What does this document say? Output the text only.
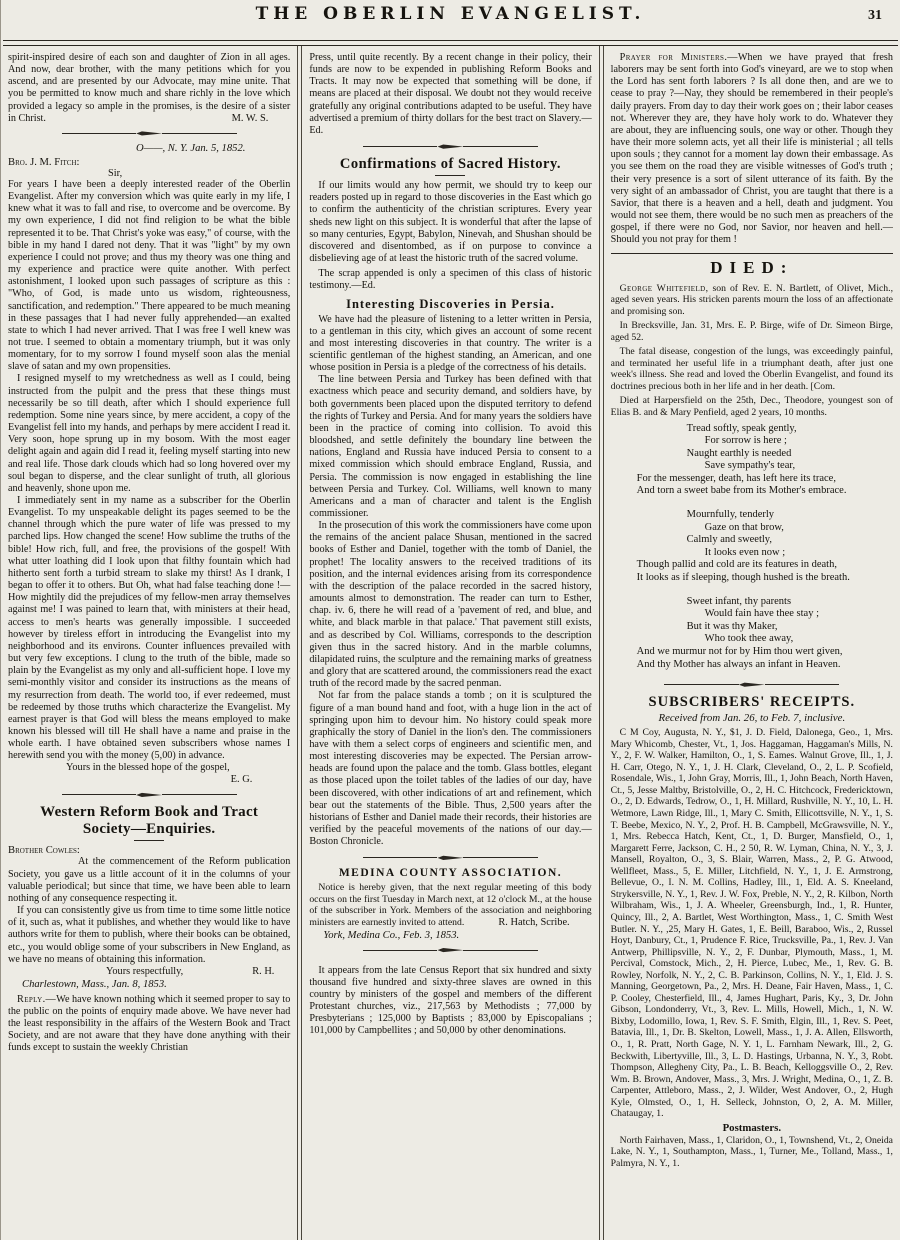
THE OBERLIN EVANGELIST.	31

spirit-inspired desire of each son and daughter of Zion in all ages. And now, dear brother, with the many petitions which for you ascend, and are presented by our Advocate, may mine unite. That you be permitted to know much and share richly in the love which provided a legacy so ample in the promises, is the desire of a sister in Christ.	M. W. S.
O——, N. Y. Jan. 5, 1852.
Bro. J. M. Fitch:
Sir,

For years I have been a deeply interested reader of the Oberlin Evangelist. After my conversion which was quite early in my life, I knew what it was to fall and rise, to overcome and be overcome. By my own experience, I did not find religion to be what the bible represented it to be. That Christ's yoke was easy," of course, with the bible in my hand I dared not deny. That it was "light" by my own experience I could not prove; and thus my theory was one thing and my experience and practice were quite another. With perfect astonishment, I looked upon such passages of scripture as this : "Who, of God, is made unto us wisdom, righteousness, sanctification, and redemption." There appeared to be much meaning in these passages that I had never fully apprehended—an exalted state to which I had never arrived. That I was free I well knew was not true. I seemed to obtain a momentary triumph, but it was only momentary, for to my sorrow I found myself soon alas the menial slave of satan and my own propensities.

I resigned myself to my wretchedness as well as I could, being instructed from the pulpit and the press that these things must necessarily be so till death, after which I should experience full redemption. Some nine years since, by mere accident, a copy of the Evangelist fell into my hands, and perhaps by mere accident I read it. Very soon, hope sprung up in my bosom. With the most eager delight again and again did I read it, feeling myself starting into new and real life. Those dark clouds which had so long hovered over my soul began to disperse, and the clear sunlight of truth, all glorious and heavenly, shone upon me.

I immediately sent in my name as a subscriber for the Oberlin Evangelist. To my unspeakable delight its pages seemed to be the channel through which the pure water of life was pressed to my parched lips. How changed the scene! How sublime the truths of the bible! How rich, full, and free, the provisions of the gospel! With what utter loathing did I look upon that filthy fountain which had hitherto sent forth a turbid stream to slake my thirst! As I drank, I began to offer it to others. But Oh, what had false teaching done !— How mightily did the prejudices of my fellow-men array themselves against me! I was pained to learn that, with ministers at their head, access to men's hearts was generally impossible. I succeeded however by tireless effort in introducing the Evangelist into my neighborhood and its environs. Counter influences prevailed with but very few exceptions. I clung to the truth of the bible, made so plain by the Evangelist as my only and all-sufficient hope. I love my semi-monthly visitor and consider its instructions as the means of my resurrection from death. The world too, if ever redeemed, must be redeemed by those truths which characterize the Evangelist. My earnest prayer is that God will bless the means employed to make known his blessed will till He shall have a name and praise in the whole earth. I have obtained seven subscribers whose names I herewith send you with the money (5,00) in advance.

Yours in the blessed hope of the gospel,
E. G.
Western Reform Book and Tract Society—Enquiries.
Brother Cowles:

At the commencement of the Reform publication Society, you gave us a little account of it in the columns of your valuable periodical; but since that time, we have been able to learn nothing of any consequence respecting it.

If you can consistently give us from time to time some little notice of it, such as, what it publishes, and whether they would like to have authors write for them to publish, where their books can be obtained, etc., you would oblige some of your subscribers in New England, as we have no means of obtaining this information.

Yours respectfully,	R. H.
Charlestown, Mass., Jan. 8, 1853.

Reply.—We have known nothing which it seemed proper to say to the public on the points of enquiry made above. We have never had the least responsibility in the affairs of the Western Book and Tract Society, and are not aware that they have done anything with their funds except to sustain the weekly Christian

Press, until quite recently. By a recent change in their policy, their funds are now to be expended in publishing Reform Books and Tracts. It may now be expected that something will be done, if means are placed at their disposal. We doubt not they would receive gratefully any original contributions adapted to be useful. They have advertised a premium of thirty dollars for the best tract on Slavery.—Ed.

Confirmations of Sacred History.

If our limits would any how permit, we should try to keep our readers posted up in regard to those discoveries in the East which go to confirm the authenticity of the christian scriptures. Every year sheds new light on this subject. It is wonderful that after the lapse of so many centuries, Egypt, Babylon, Ninevah, and Shushan should be discovered and disentombed, as if on purpose to convince a disbelieving age of at least the historic truth of the sacred volume.

The scrap appended is only a specimen of this class of historic testimony.—Ed.

Interesting Discoveries in Persia.

We have had the pleasure of listening to a letter written in Persia, to a gentleman in this city, which gives an account of some recent and most interesting discoveries in that country. The writer is a scientific gentleman of the highest standing, an American, and one whose position in Persia is a pledge of the correctness of his details.

The line between Persia and Turkey has been defined with that exactness which peace and security demand, and soldiers have, by both governments been placed upon the disputed territory to defend the rights of Turkey and Persia. And for many years the soldiers have been in the practice of coming into collision. To avoid this bloodshed, and settle definitely the boundary line between the nations, England and Russia have induced Persia to consent to a mixed commission which should embrace England, Russia, and Persia. The commission is now engaged in establishing the line between Persia and Turkey. Col. Williams, well known to many Americans and a man of character and talent is the English commissioner.

In the prosecution of this work the commissioners have come upon the remains of the ancient palace Shusan, mentioned in the sacred books of Esther and Daniel, together with the tomb of Daniel, the prophet! The locality answers to the received traditions of its position, and the internal evidences arising from its correspondence with the description of the palace recorded in the sacred history, amounts almost to demonstration. The reader can turn to Esther, chap. iv. 6, there he will read of a 'pavement of red, and blue, and white, and black marble in that palace.' That pavement still exists, and as described by Col. Williams, corresponds to the description given thus in the sacred history. And in the marble columns, dilapidated ruins, the sculpture and the remaining marks of greatness and glory that are scattered around, the commissioners read the exact truth of the record made by the sacred penman.

Not far from the palace stands a tomb ; on it is sculptured the figure of a man bound hand and foot, with a huge lion in the act of springing upon him to devour him. No history could speak more graphically the story of Daniel in the lion's den. The commissioners have with them a select corps of engineers and scientific men, and most interesting discoveries may be expected. The Persian arrow-heads are found upon the palace and the tomb. Glass bottles, elegant as those placed upon the toilet tables of the ladies of our day, have been discovered, with other indications of art and refinement, which bear out the statements of the Bible. Thus, 2,500 years after the historians of Esther and Daniel made their records, their histories are verified by the peaceful movements of the nations of our day.—Boston Chronicle.

MEDINA COUNTY ASSOCIATION.

Notice is hereby given, that the next regular meeting of this body occurs on the first Tuesday in March next, at 12 o'clock M., at the house of the subscriber in York. Members of the association and neighboring ministers are earnestly invited to attend.	R. Hatch, Scribe.
York, Medina Co., Feb. 3, 1853.

It appears from the late Census Report that six hundred and sixty thousand five hundred and sixty-three slaves are owned in this country by ministers of the gospel and members of the different Protestant churches, viz., 217,563 by Methodists ; 77,000 by Presbyterians ; 125,000 by Baptists ; 83,000 by Episcopalians ; 101,000 by Campbellites ; and 50,000 by other denominations.

Prayer for Ministers.—When we have prayed that fresh laborers may be sent forth into God's vineyard, are we to stop when the Lord has sent forth laborers ? Is all done then, and are we to cease to pray ?—Nay, they should be remembered in their people's daily prayers. From day to day their work goes on ; their labor ceases not. Wherever they are, they have holy work to do. Whatever they are about, they are influencing souls, one way or other. Though they have their more solemn acts, yet all their life is ministerial ; all tells upon souls ; they cannot for a moment lay down their embassage. As you see them on the road they are visible witnesses of God's truth ; their very presence is a sort of silent utterance of its faith. By the very sight of an ambassador of Christ, you are taught that there is a Savior, that there is a heaven and a hell, death and judgment. You would not see them, there would be no such men as preachers of the gospel, if there were no God, nor Savior, nor heaven and hell.—Should you not pray for them !

DIED:

George Whitefield, son of Rev. E. N. Bartlett, of Olivet, Mich., aged seven years. His stricken parents mourn the loss of an affectionate and promising son.

In Brecksville, Jan. 31, Mrs. E. P. Birge, wife of Dr. Simeon Birge, aged 52.

The fatal disease, congestion of the lungs, was exceedingly painful, and terminated her useful life in a triumphant death, after just one week's illness. She read and loved the Oberlin Evangelist, and found its doctrines precious both in her life and in her death. [Com.

Died at Harpersfield on the 25th, Dec., Theodore, youngest son of Elias B. and & Mary Penfield, aged 2 years, 10 months.

Tread softly, speak gently,
For sorrow is here ;
Naught earthly is needed
Save sympathy's tear,
For the messenger, death, has left here its trace,
And torn a sweet babe from its Mother's embrace.
Mournfully, tenderly
Gaze on that brow,
Calmly and sweetly,
It looks even now ;
Though pallid and cold are its features in death,
It looks as if sleeping, though hushed is the breath.
Sweet infant, thy parents
Would fain have thee stay ;
But it was thy Maker,
Who took thee away,
And we murmur not for by Him thou wert given,
And thy Mother has always an infant in Heaven.
SUBSCRIBERS' RECEIPTS.
Received from Jan. 26, to Feb. 7, inclusive.

C M Coy, Augusta, N. Y., $1, J. D. Field, Dalonega, Geo., 1, Mrs. Mary Whicomb, Chester, Vt., 1, Jos. Haggaman, Haggaman's Mills, N. Y., 2, F. W. Walker, Hamilton, O., 1, S. Eames. Walnut Grove, Ill., 1, J. H. Carr, Otego, N. Y., 1, J. H. Clark, Cleveland, O., 2, L. P. Scofield, Rosendale, Wis., 1, John Gray, Morris, Ill., 1, John Beach, North Haven, Ct., 5, Jesse Maltby, Bristolville, O., 2, H. C. Hitchcock, Fredericktown, O., 2, D. Edwards, Tedrow, O., 1, H. Millard, Rushville, N. Y., 10, L. H. Wetmore, Lawn Ridge, Ill., 1, Mary C. Smith, Ellicottsville, N. Y., 1, S. T. Beebe, Mexico, N. Y., 2, Prof. H. B. Campbell, McGrawsville, N. Y., 1, Mrs. Rebecca Hatch, Kent, Ct., 1, D. Burger, Mansfield, O., 1, Margarett Ferre, Jackson, C. H., 2 50, R. W. Lyman, China, N. Y., 3, J. Mansell, Royalton, O., 3, S. Blair, Warren, Mass., 2, P. G. Atwood, Wellfleet, Mass., 5, E. Miller, Litchfield, N. Y., 1, J. E. Armstrong, Bellevue, O., I. N. M. Collins, Hadley, Ill., 1, Eld. A. S. Kneeland, Strykersville, N. Y., 1, Rev. J. W. Fox, Preble, N. Y., 2, R. Kilbon, North Wilbraham, Wis., 1, J. A. Wheeler, Greensburgh, Ind., 1, R. Hunter, Quincy, Ill., 2, A. Bartlet, West Worthington, Mass., 1, C. Smith West Butler. N. Y., ,25, Mary H. Gates, 1, E. Beill, Baraboo, Wis., 2, Russel Hoyt, Danbury, Ct., 1, Prudence F. Rice, Trucksville, Pa., 1, Rev. J. Van Antwerp, Phillipsville, N. Y., 2, F. Dunbar, Plymouth, Mass., 1, M. Percival, Comstock, Mich., 2, H. Pierce, Lubec, Me., 1, Rev. G. B. Rowley, Norfolk, N. Y., 2, C. B. Parkinson, Collins, N. Y., 1, Eld. J. S. Manning, Georgetown, Pa., 2, Mrs. H. Deane, Fair Haven, Mass., 1, C. P. Cooley, Chesterfield, Ill., 4, James Hughart, Paris, Ky., 3, Dr. John Gibson, Londonderry, Vt., 3, Rev. L. Mills, Howell, Mich., 1, N. W. Bixby, Lodomillo, Iowa, 1, Rev. S. F. Smith, Elgin, Ill., 1, Rev. S. Peet, Batavia, Ill., 1, Dr. B. Skelton, Lowell, Mass., 1, J. A. Allen, Ellsworth, O., 1, R. Pratt, North Gage, N. Y. 1, L. Farnham Newark, Ill., 2, G. Beckwith, Libertyville, Ill., 3, L. D. Hastings, Urbanna, N. Y., 3, Robt. Thompson, Allegheny City, Pa., L. B. Beach, Kelloggsville O., 2, Rev. Wm. B. Brown, Andover, Mass., 3, Mrs. J. Wright, Medina, O., 1, Z. B. Carpenter, Attleboro, Mass., 2, J. Wilder, West Andover, O., 2, Hugh Kyle, Olmsted, O., 1, H. Selleck, Johnston, O, 2, A. M. Miller, Chataugay, 1.

Postmasters.

North Fairhaven, Mass., 1, Claridon, O., 1, Townshend, Vt., 2, Oneida Lake, N. Y., 1, Southampton, Mass., 1, Turner, Me., Tolland, Mass., 1, Palmyra, N. Y., 1.
